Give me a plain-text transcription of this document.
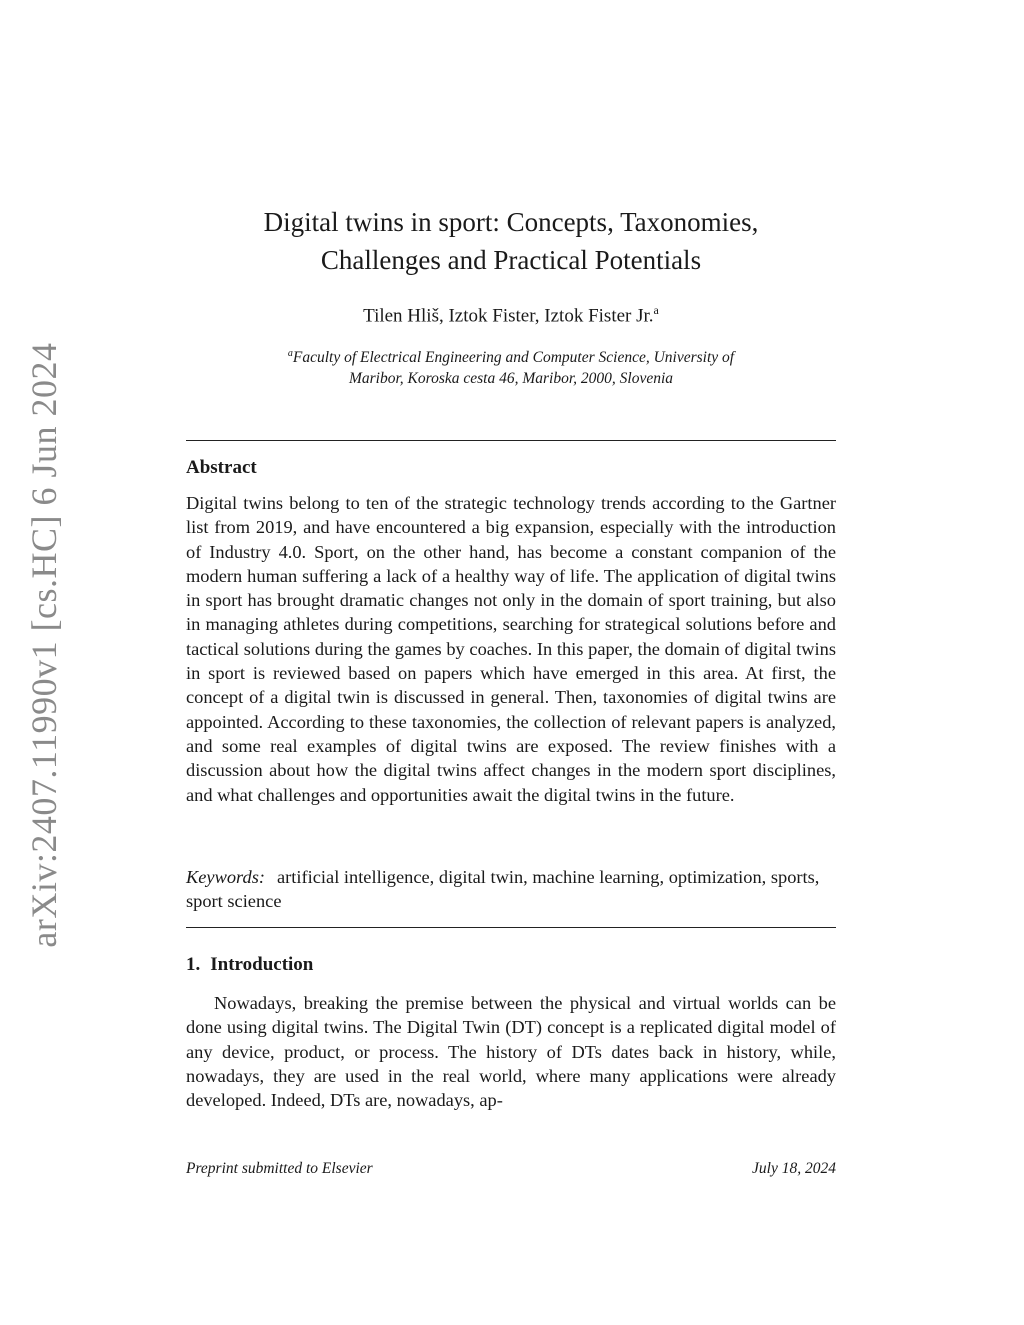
arXiv:2407.11990v1 [cs.HC] 6 Jun 2024
Digital twins in sport: Concepts, Taxonomies,
Challenges and Practical Potentials
Tilen Hliš, Iztok Fister, Iztok Fister Jr.$^a$
$^a$Faculty of Electrical Engineering and Computer Science, University of
Maribor, Koroska cesta 46, Maribor, 2000, Slovenia
Abstract
Digital twins belong to ten of the strategic technology trends according to the Gartner list from 2019, and have encountered a big expansion, especially with the introduction of Industry 4.0. Sport, on the other hand, has become a constant companion of the modern human suffering a lack of a healthy way of life. The application of digital twins in sport has brought dramatic changes not only in the domain of sport training, but also in managing athletes during competitions, searching for strategical solutions before and tactical solutions during the games by coaches. In this paper, the domain of digital twins in sport is reviewed based on papers which have emerged in this area. At first, the concept of a digital twin is discussed in general. Then, taxonomies of digital twins are appointed. According to these taxonomies, the collection of relevant papers is analyzed, and some real examples of digital twins are exposed. The review finishes with a discussion about how the digital twins affect changes in the modern sport disciplines, and what challenges and opportunities await the digital twins in the future.
Keywords: artificial intelligence, digital twin, machine learning, optimization, sports, sport science
1. Introduction
Nowadays, breaking the premise between the physical and virtual worlds can be done using digital twins. The Digital Twin (DT) concept is a replicated digital model of any device, product, or process. The history of DTs dates back in history, while, nowadays, they are used in the real world, where many applications were already developed. Indeed, DTs are, nowadays, ap-
Preprint submitted to Elsevier	July 18, 2024
